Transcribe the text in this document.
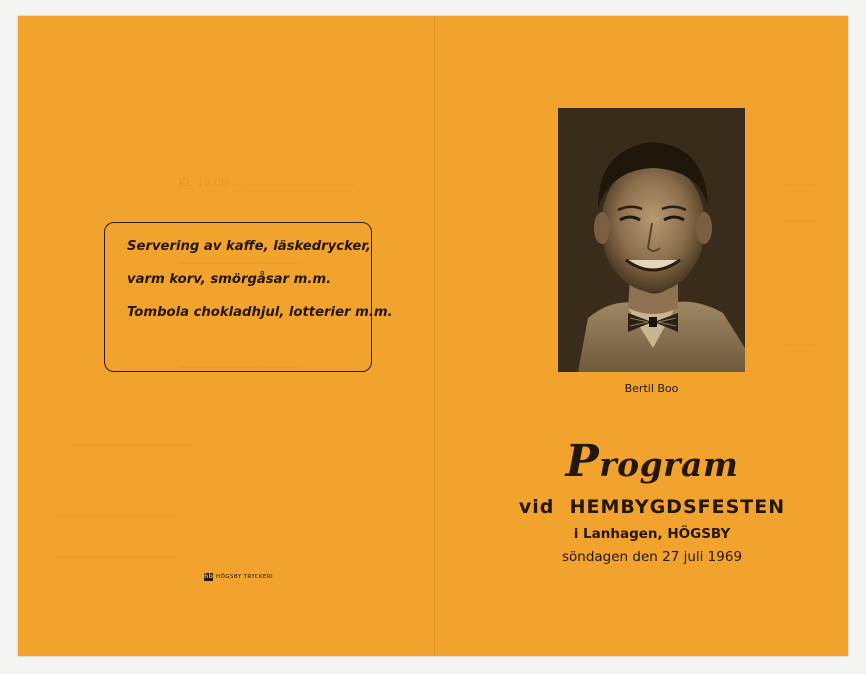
Kl. 16.00 ...................................
...................................
...................................
...................................
...................................
...................................
Servering av kaffe, läskedrycker,
varm korv, smörgåsar m.m.
Tombola chokladhjul, lotterier m.m.
hb HÖGSBY TRYCKERI
........
........
........
Bertil Boo
Program
vid HEMBYGDSFESTEN
i Lanhagen, HÖGSBY
söndagen den 27 juli 1969
